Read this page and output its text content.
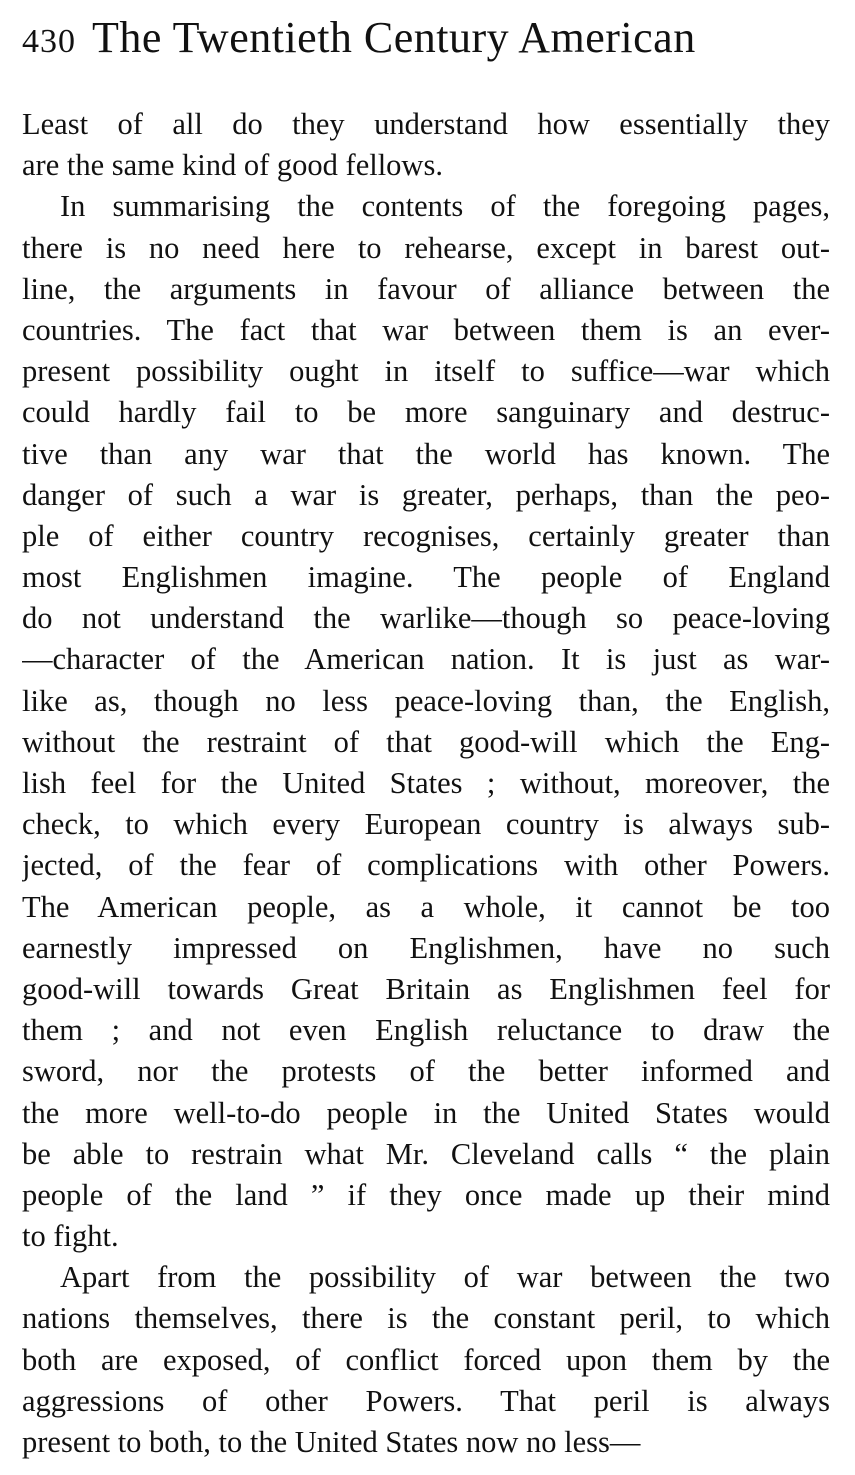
430 The Twentieth Century American
Least of all do they understand how essentially they
are the same kind of good fellows.
In summarising the contents of the foregoing pages,
there is no need here to rehearse, except in barest out-
line, the arguments in favour of alliance between the
countries. The fact that war between them is an ever-
present possibility ought in itself to suffice—war which
could hardly fail to be more sanguinary and destruc-
tive than any war that the world has known. The
danger of such a war is greater, perhaps, than the peo-
ple of either country recognises, certainly greater than
most Englishmen imagine. The people of England
do not understand the warlike—though so peace-loving
—character of the American nation. It is just as war-
like as, though no less peace-loving than, the English,
without the restraint of that good-will which the Eng-
lish feel for the United States ; without, moreover, the
check, to which every European country is always sub-
jected, of the fear of complications with other Powers.
The American people, as a whole, it cannot be too
earnestly impressed on Englishmen, have no such
good-will towards Great Britain as Englishmen feel for
them ; and not even English reluctance to draw the
sword, nor the protests of the better informed and
the more well-to-do people in the United States would
be able to restrain what Mr. Cleveland calls “ the plain
people of the land ” if they once made up their mind
to fight.
Apart from the possibility of war between the two
nations themselves, there is the constant peril, to which
both are exposed, of conflict forced upon them by the
aggressions of other Powers. That peril is always
present to both, to the United States now no less—
